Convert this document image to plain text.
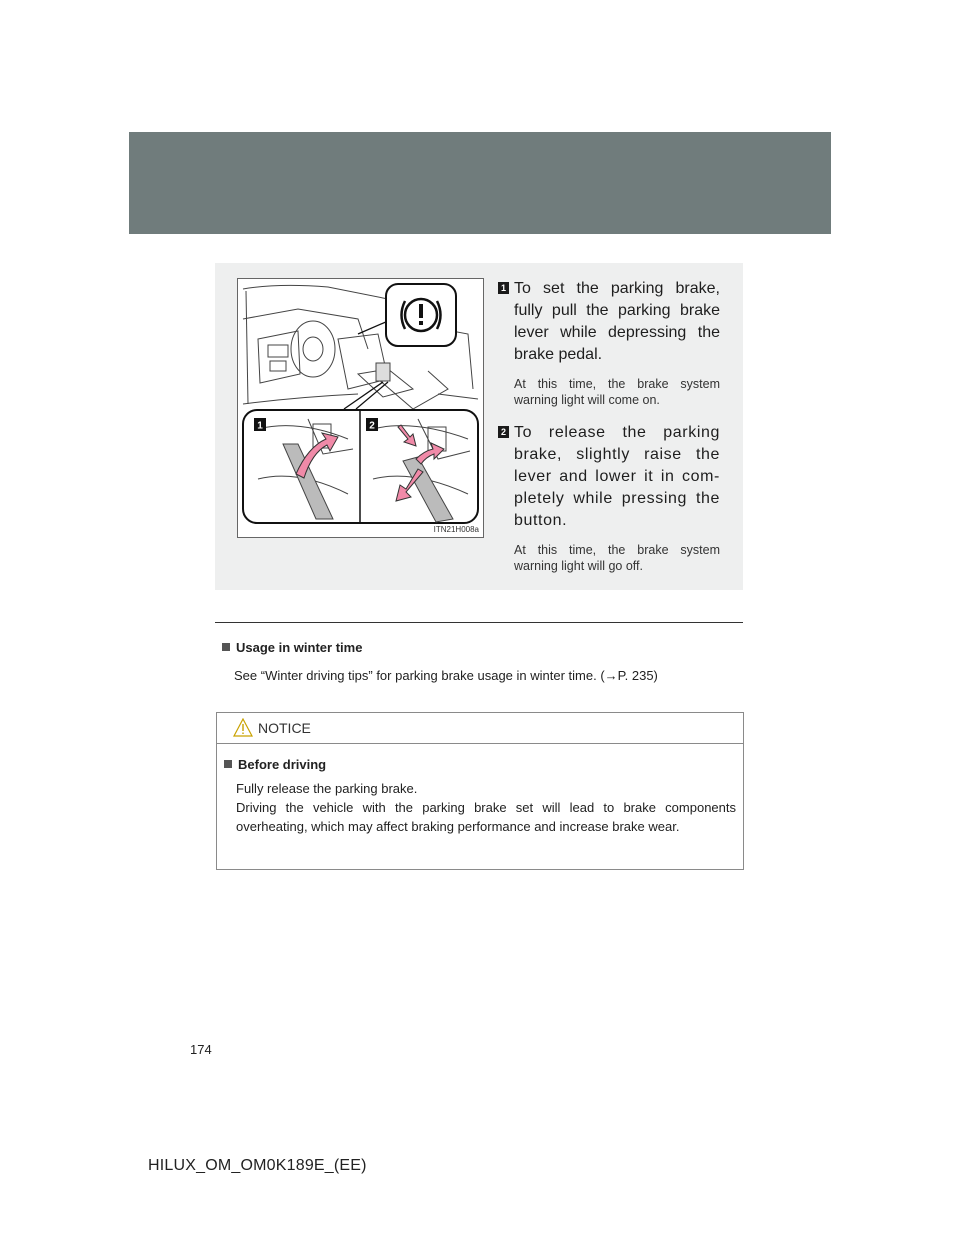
2-1. Driving procedures
Parking brake
1	2
ITN21H008a
1 To set the parking brake, fully pull the parking brake lever while depressing the brake pedal.
At this time, the brake system warning light will come on.
2 To release the parking brake, slightly raise the lever and lower it in com-pletely while pressing the button.
At this time, the brake system warning light will go off.
Usage in winter time
See “Winter driving tips” for parking brake usage in winter time. (→P. 235)
NOTICE
Before driving
Fully release the parking brake.
Driving the vehicle with the parking brake set will lead to brake components overheating, which may affect braking performance and increase brake wear.
174
HILUX_OM_OM0K189E_(EE)
